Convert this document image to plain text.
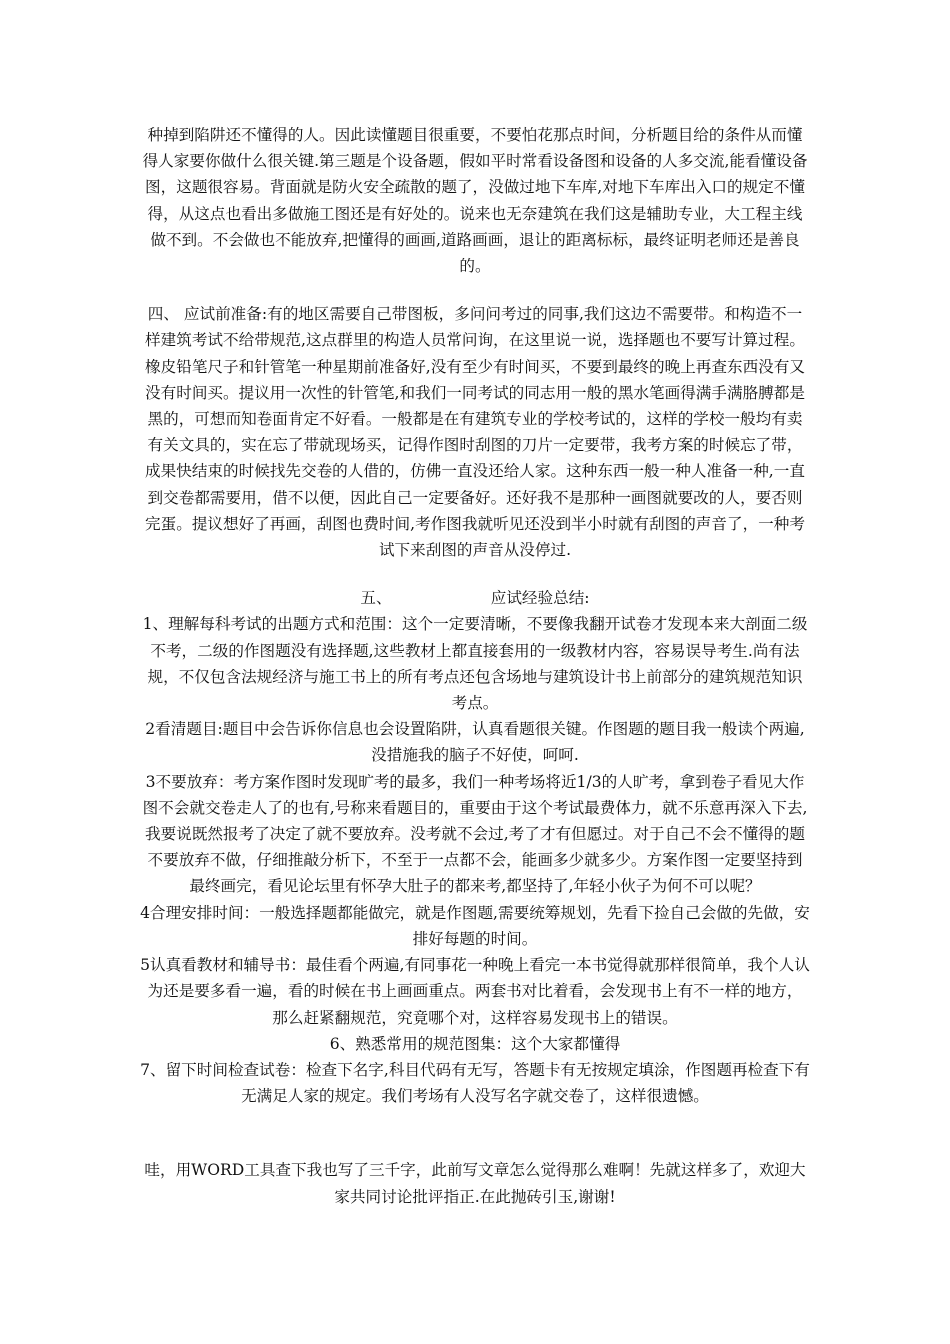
种掉到陷阱还不懂得的人。因此读懂题目很重要，不要怕花那点时间，分析题目给的条件从而懂得人家要你做什么很关键.第三题是个设备题，假如平时常看设备图和设备的人多交流,能看懂设备图，这题很容易。背面就是防火安全疏散的题了，没做过地下车库,对地下车库出入口的规定不懂得，从这点也看出多做施工图还是有好处的。说来也无奈建筑在我们这是辅助专业，大工程主线做不到。不会做也不能放弃,把懂得的画画,道路画画，退让的距离标标，最终证明老师还是善良的。

四、 应试前准备:有的地区需要自己带图板，多问问考过的同事,我们这边不需要带。和构造不一样建筑考试不给带规范,这点群里的构造人员常问询，在这里说一说，选择题也不要写计算过程。橡皮铅笔尺子和针管笔一种星期前准备好,没有至少有时间买，不要到最终的晚上再查东西没有又没有时间买。提议用一次性的针管笔,和我们一同考试的同志用一般的黑水笔画得满手满胳膊都是黑的，可想而知卷面肯定不好看。一般都是在有建筑专业的学校考试的，这样的学校一般均有卖有关文具的，实在忘了带就现场买，记得作图时刮图的刀片一定要带，我考方案的时候忘了带，成果快结束的时候找先交卷的人借的，仿佛一直没还给人家。这种东西一般一种人准备一种,一直到交卷都需要用，借不以便，因此自己一定要备好。还好我不是那种一画图就要改的人，要否则完蛋。提议想好了再画，刮图也费时间,考作图我就听见还没到半小时就有刮图的声音了，一种考试下来刮图的声音从没停过.

五、                    应试经验总结:

1、理解每科考试的出题方式和范围：这个一定要清晰，不要像我翻开试卷才发现本来大剖面二级不考，二级的作图题没有选择题,这些教材上都直接套用的一级教材内容，容易误导考生.尚有法规，不仅包含法规经济与施工书上的所有考点还包含场地与建筑设计书上前部分的建筑规范知识考点。

2看清题目:题目中会告诉你信息也会设置陷阱，认真看题很关键。作图题的题目我一般读个两遍,没措施我的脑子不好使，呵呵.

3不要放弃：考方案作图时发现旷考的最多，我们一种考场将近1/3的人旷考，拿到卷子看见大作图不会就交卷走人了的也有,号称来看题目的，重要由于这个考试最费体力，就不乐意再深入下去,我要说既然报考了决定了就不要放弃。没考就不会过,考了才有但愿过。对于自己不会不懂得的题不要放弃不做，仔细推敲分析下，不至于一点都不会，能画多少就多少。方案作图一定要坚持到最终画完，看见论坛里有怀孕大肚子的都来考,都坚持了,年轻小伙子为何不可以呢？

4合理安排时间：一般选择题都能做完，就是作图题,需要统筹规划，先看下捡自己会做的先做，安排好每题的时间。

5认真看教材和辅导书：最佳看个两遍,有同事花一种晚上看完一本书觉得就那样很简单，我个人认为还是要多看一遍，看的时候在书上画画重点。两套书对比着看，会发现书上有不一样的地方，那么赶紧翻规范，究竟哪个对，这样容易发现书上的错误。

6、熟悉常用的规范图集：这个大家都懂得

7、留下时间检查试卷：检查下名字,科目代码有无写，答题卡有无按规定填涂，作图题再检查下有无满足人家的规定。我们考场有人没写名字就交卷了，这样很遗憾。

哇，用WORD工具查下我也写了三千字，此前写文章怎么觉得那么难啊！先就这样多了，欢迎大家共同讨论批评指正.在此抛砖引玉,谢谢!
